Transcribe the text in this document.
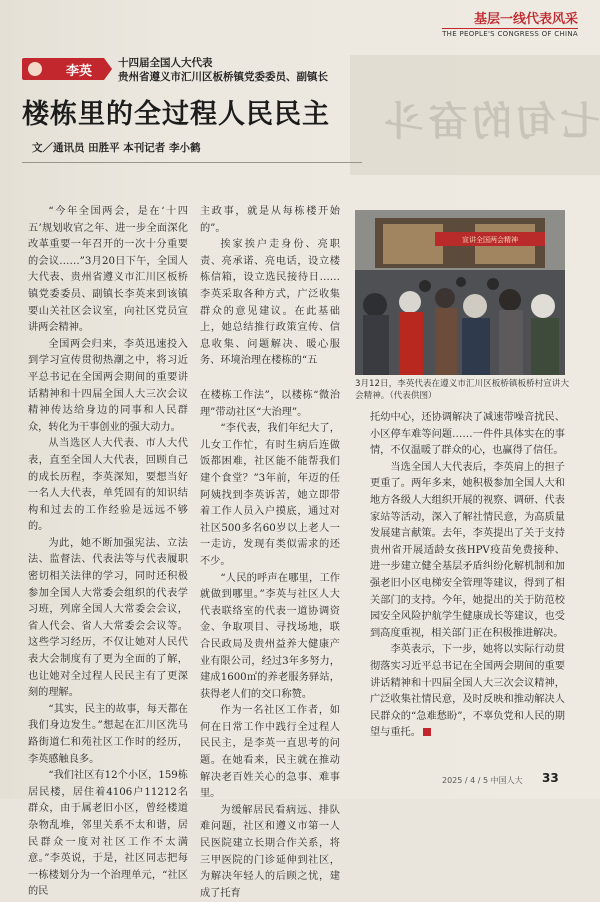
七旬的奋斗
基层一线代表风采
THE PEOPLE'S CONGRESS OF CHINA
李英
十四届全国人大代表
贵州省遵义市汇川区板桥镇党委委员、副镇长
楼栋里的全过程人民民主
文／通讯员 田胜平 本刊记者 李小鹤

“今年全国两会，是在‘十四五’规划收官之年、进一步全面深化改革重要一年召开的一次十分重要的会议……”3月20日下午，全国人大代表、贵州省遵义市汇川区板桥镇党委委员、副镇长李英来到该镇要山关社区会议室，向社区党员宣讲两会精神。

全国两会归来，李英迅速投入到学习宣传贯彻热潮之中，将习近平总书记在全国两会期间的重要讲话精神和十四届全国人大三次会议精神传达给身边的同事和人民群众，转化为干事创业的强大动力。

从当选区人大代表、市人大代表，直至全国人大代表，回顾自己的成长历程，李英深知，要想当好一名人大代表，单凭固有的知识结构和过去的工作经验是远远不够的。

为此，她不断加强宪法、立法法、监督法、代表法等与代表履职密切相关法律的学习，同时还积极参加全国人大常委会组织的代表学习班，列席全国人大常委会会议，省人代会、省人大常委会会议等。这些学习经历，不仅让她对人民代表大会制度有了更为全面的了解，也让她对全过程人民民主有了更深刻的理解。

“其实，民主的故事，每天都在我们身边发生。”想起在汇川区洗马路街道仁和苑社区工作时的经历，李英感触良多。

“我们社区有12个小区，159栋居民楼，居住着4106户11212名群众，由于属老旧小区，曾经楼道杂物乱堆，邻里关系不太和谐，居民群众一度对社区工作不太满意。”李英说，于是，社区同志把每一栋楼划分为一个治理单元，“社区的民

主政事，就是从每栋楼开始的”。

挨家挨户走身份、亮职责、亮承诺、亮电话，设立楼栋信箱，设立选民接待日……李英采取各种方式，广泛收集群众的意见建议。在此基础上，她总结推行政策宣传、信息收集、问题解决、暖心服务、环境治理在楼栋的“五

在楼栋工作法”，以楼栋“微治理”带动社区“大治理”。

“李代表，我们年纪大了，儿女工作忙，有时生病后连做饭都困难，社区能不能帮我们建个食堂？”3年前，年迈的任阿姨找到李英诉苦，她立即带着工作人员入户摸底，通过对社区500多名60岁以上老人一一走访，发现有类似需求的还不少。

“人民的呼声在哪里，工作就做到哪里。”李英与社区人大代表联络室的代表一道协调资金、争取项目、寻找场地，联合民政局及贵州益养大健康产业有限公司，经过3年多努力，建成1600㎡的养老服务驿站，获得老人们的交口称赞。

作为一名社区工作者，如何在日常工作中践行全过程人民民主，是李英一直思考的问题。在她看来，民主就在推动解决老百姓关心的急事、难事里。

为缓解居民看病远、排队难问题，社区和遵义市第一人民医院建立长期合作关系，将三甲医院的门诊延伸到社区，为解决年轻人的后顾之忧，建成了托育

宣讲全国两会精神
3月12日，李英代表在遵义市汇川区板桥镇板桥村宣讲大会精神。（代表供图）

托幼中心，还协调解决了减速带噪音扰民、小区停车难等问题……一件件具体实在的事情，不仅温暖了群众的心，也赢得了信任。

当选全国人大代表后，李英肩上的担子更重了。两年多来，她积极参加全国人大和地方各级人大组织开展的视察、调研、代表家站等活动，深入了解社情民意，为高质量发展建言献策。去年，李英提出了关于支持贵州省开展适龄女孩HPV疫苗免费接种、进一步建立健全基层矛盾纠纷化解机制和加强老旧小区电梯安全管理等建议，得到了相关部门的支持。今年，她提出的关于防范校园安全风险护航学生健康成长等建议，也受到高度重视，相关部门正在积极推进解决。

李英表示，下一步，她将以实际行动贯彻落实习近平总书记在全国两会期间的重要讲话精神和十四届全国人大三次会议精神，广泛收集社情民意，及时反映和推动解决人民群众的“急难愁盼”，不辜负党和人民的期望与重托。

2025 / 4 / 5 中国人大 33
